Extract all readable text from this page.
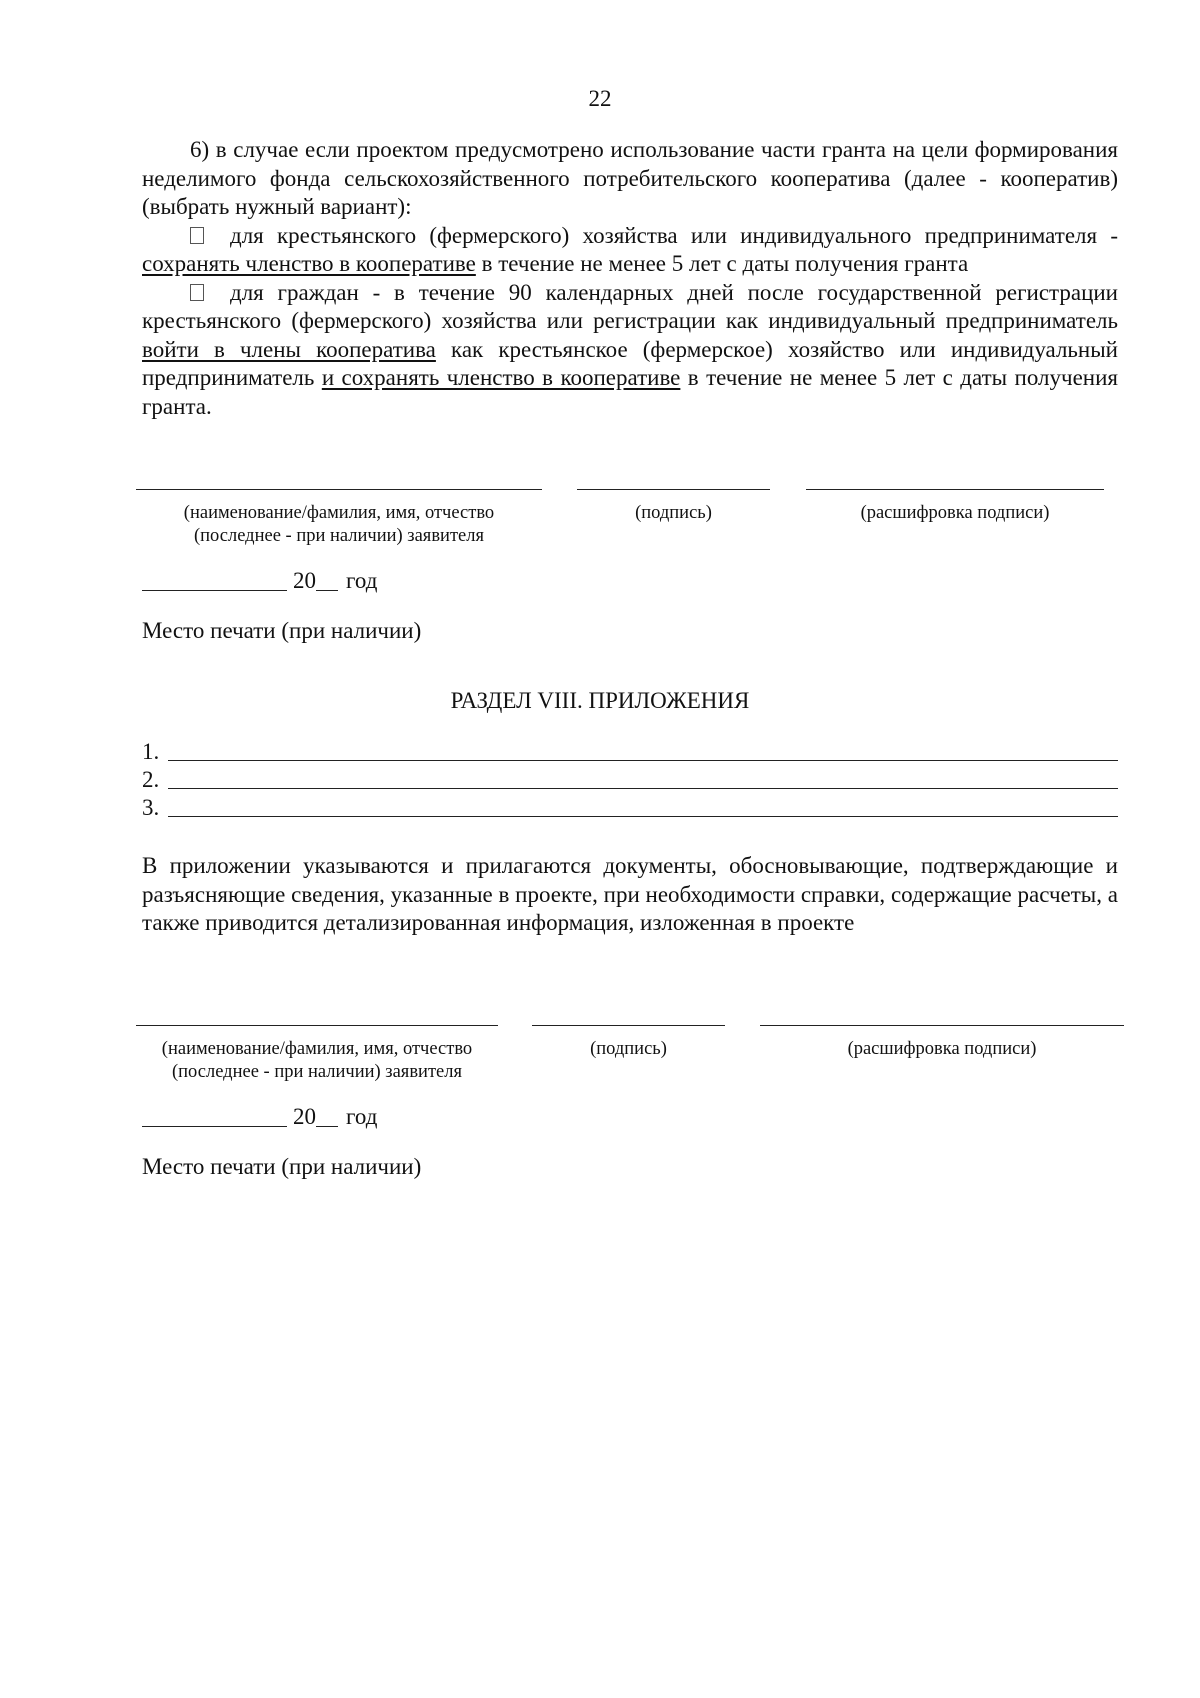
22

6) в случае если проектом предусмотрено использование части гранта на цели формирования неделимого фонда сельскохозяйственного потребительского кооператива (далее - кооператив) (выбрать нужный вариант):

для крестьянского (фермерского) хозяйства или индивидуального предпринимателя - сохранять членство в кооперативе в течение не менее 5 лет с даты получения гранта

для граждан - в течение 90 календарных дней после государственной регистрации крестьянского (фермерского) хозяйства или регистрации как индивидуальный предприниматель войти в члены кооператива как крестьянское (фермерское) хозяйство или индивидуальный предприниматель и сохранять членство в кооперативе в течение не менее 5 лет с даты получения гранта.

(наименование/фамилия, имя, отчество
(последнее - при наличии) заявителя
(подпись)	(расшифровка подписи)
20 год
Место печати (при наличии)
РАЗДЕЛ VIII. ПРИЛОЖЕНИЯ
1.
2.
3.
В приложении указываются и прилагаются документы, обосновывающие, подтверждающие и разъясняющие сведения, указанные в проекте, при необходимости справки, содержащие расчеты, а также приводится детализированная информация, изложенная в проекте
(наименование/фамилия, имя, отчество
(последнее - при наличии) заявителя
(подпись)	(расшифровка подписи)
20 год
Место печати (при наличии)
